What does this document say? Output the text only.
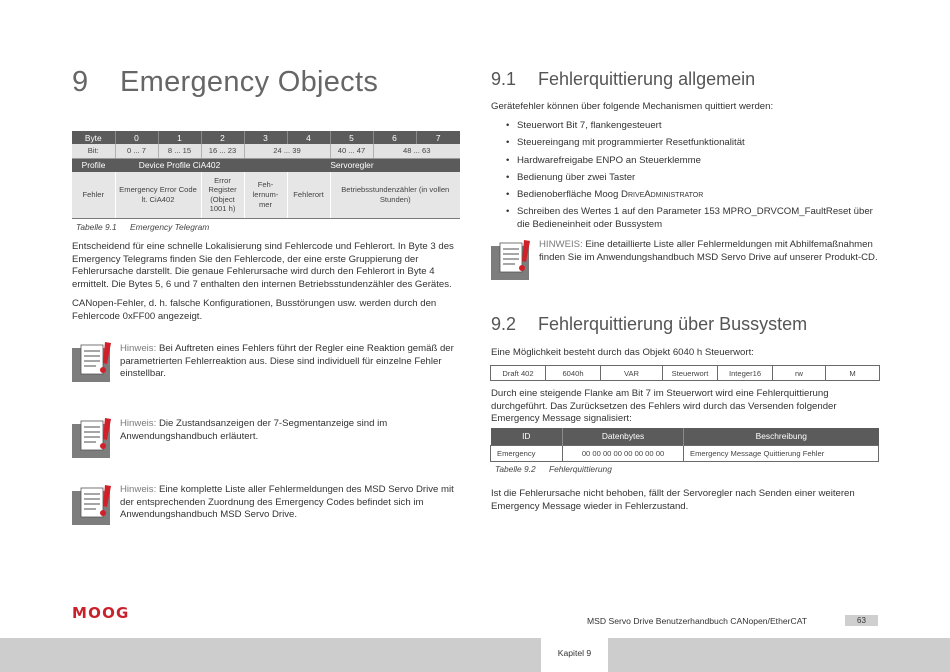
9 Emergency Objects
Byte	0	1	2	3	4	5	6	7
Bit:	0 ... 7	8 ... 15	16 ... 23	24 ... 39		40 ... 47	48 ... 63	
Profile	Device Profile CiA402			Servoregler				
Fehler	Emergency Error Code lt. CiA402		Error Register (Object 1001 h)	Feh-lernum-mer	Fehlerort	Betriebsstundenzähler (in vollen Stunden)		
Tabelle 9.1 Emergency Telegram
Entscheidend für eine schnelle Lokalisierung sind Fehlercode und Fehlerort. In Byte 3 des Emergency Telegrams finden Sie den Fehlercode, der eine erste Gruppierung der Fehlerursache darstellt. Die genaue Fehlerursache wird durch den Fehlerort in Byte 4 ermittelt. Die Bytes 5, 6 und 7 enthalten den internen Betriebsstundenzähler des Gerätes.
CANopen-Fehler, d. h. falsche Konfigurationen, Busstörungen usw. werden durch den Fehlercode 0xFF00 angezeigt.
Hinweis: Bei Auftreten eines Fehlers führt der Regler eine Reaktion gemäß der parametrierten Fehlerreaktion aus. Diese sind individuell für einzelne Fehler einstellbar.
Hinweis: Die Zustandsanzeigen der 7-Segmentanzeige sind im Anwendungshandbuch erläutert.
Hinweis: Eine komplette Liste aller Fehlermeldungen des MSD Servo Drive mit der entsprechenden Zuordnung des Emergency Codes befindet sich im Anwendungshandbuch MSD Servo Drive.
9.1 Fehlerquittierung allgemein
Gerätefehler können über folgende Mechanismen quittiert werden:
• Steuerwort Bit 7, flankengesteuert
• Steuereingang mit programmierter Resetfunktionalität
• Hardwarefreigabe ENPO an Steuerklemme
• Bedienung über zwei Taster
• Bedienoberfläche Moog DriveAdministrator
• Schreiben des Wertes 1 auf den Parameter 153 MPRO_DRVCOM_FaultReset über die Bedieneinheit oder Bussystem
HINWEIS: Eine detaillierte Liste aller Fehlermeldungen mit Abhilfemaßnahmen finden Sie im Anwendungshandbuch MSD Servo Drive auf unserer Produkt-CD.
9.2 Fehlerquittierung über Bussystem
Eine Möglichkeit besteht durch das Objekt 6040 h Steuerwort:
Draft 402	6040h	VAR	Steuerwort	Integer16	rw	M
Durch eine steigende Flanke am Bit 7 im Steuerwort wird eine Fehlerquittierung durchgeführt. Das Zurücksetzen des Fehlers wird durch das Versenden folgender Emergency Message signalisiert:
ID	Datenbytes	Beschreibung
Emergency	00 00 00 00 00 00 00 00	Emergency Message Quittierung Fehler
Tabelle 9.2 Fehlerquittierung
Ist die Fehlerursache nicht behoben, fällt der Servoregler nach Senden einer weiteren Emergency Message wieder in Fehlerzustand.
MOOG	MSD Servo Drive Benutzerhandbuch CANopen/EtherCAT	63
Kapitel 9
